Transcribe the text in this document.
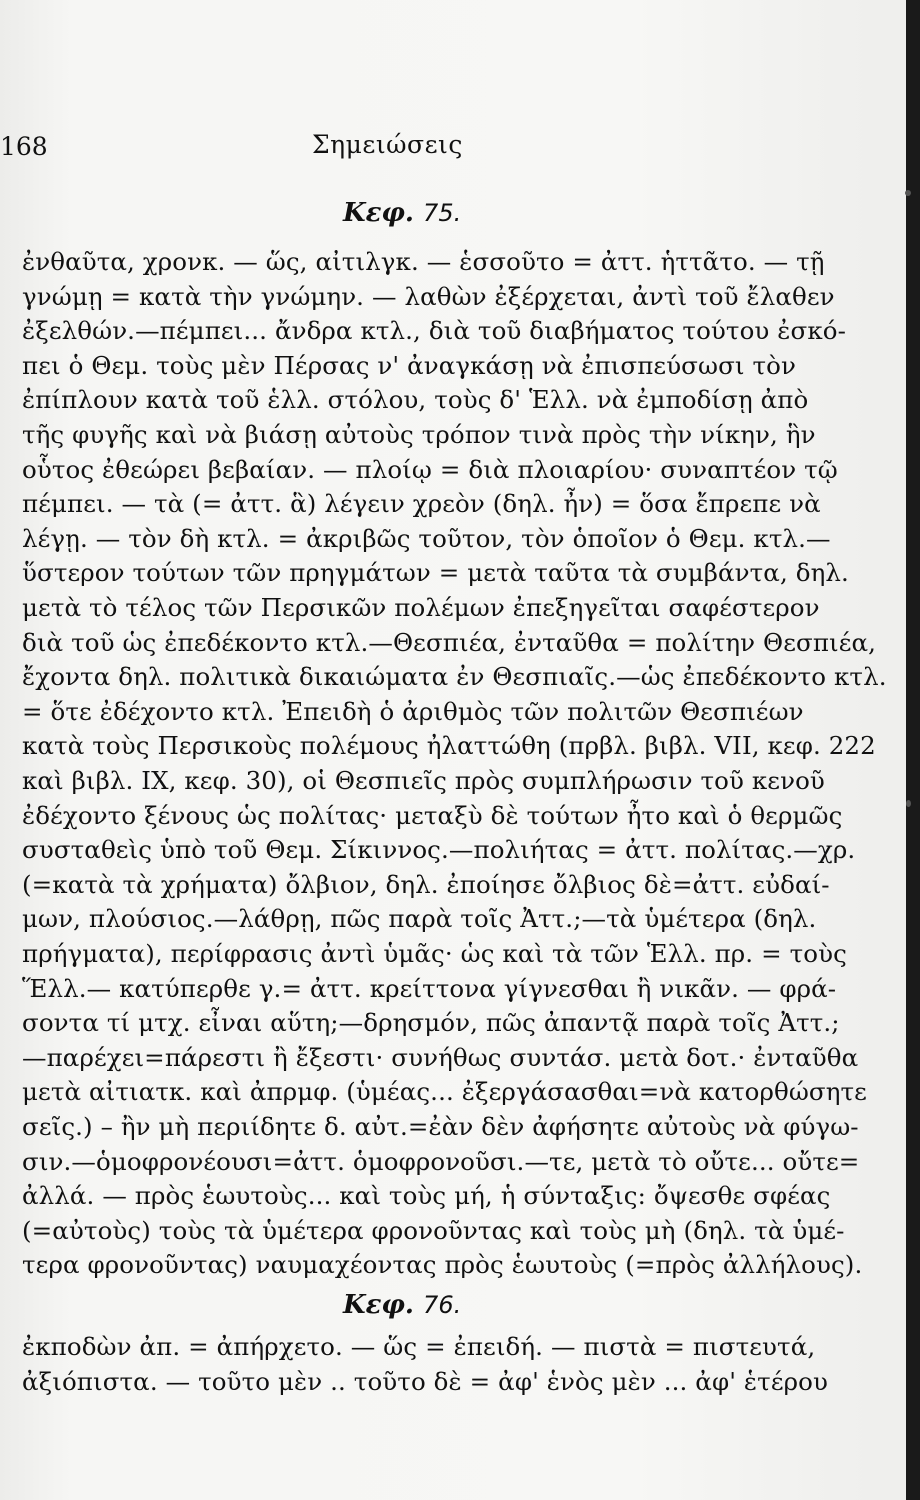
168	Σημειώσεις
Κεφ. 75.
ἐνθαῦτα, χρονκ. — ὥς, αἰτιλγκ. — ἑσσοῦτο = ἀττ. ἡττᾶτο. — τῇ
γνώμῃ = κατὰ τὴν γνώμην. — λαθὼν ἐξέρχεται, ἀντὶ τοῦ ἔλαθεν
ἐξελθών.—πέμπει... ἄνδρα κτλ., διὰ τοῦ διαβήματος τούτου ἐσκό-
πει ὁ Θεμ. τοὺς μὲν Πέρσας ν' ἀναγκάσῃ νὰ ἐπισπεύσωσι τὸν
ἐπίπλουν κατὰ τοῦ ἑλλ. στόλου, τοὺς δ' Ἑλλ. νὰ ἐμποδίσῃ ἀπὸ
τῆς φυγῆς καὶ νὰ βιάσῃ αὐτοὺς τρόπον τινὰ πρὸς τὴν νίκην, ἣν
οὗτος ἐθεώρει βεβαίαν. — πλοίῳ = διὰ πλοιαρίου· συναπτέον τῷ
πέμπει. — τὰ (= ἀττ. ἃ) λέγειν χρεὸν (δηλ. ἦν) = ὅσα ἔπρεπε νὰ
λέγῃ. — τὸν δὴ κτλ. = ἀκριβῶς τοῦτον, τὸν ὁποῖον ὁ Θεμ. κτλ.—
ὕστερον τούτων τῶν πρηγμάτων = μετὰ ταῦτα τὰ συμβάντα, δηλ.
μετὰ τὸ τέλος τῶν Περσικῶν πολέμων ἐπεξηγεῖται σαφέστερον
διὰ τοῦ ὡς ἐπεδέκοντο κτλ.—Θεσπιέα, ἐνταῦθα = πολίτην Θεσπιέα,
ἔχοντα δηλ. πολιτικὰ δικαιώματα ἐν Θεσπιαῖς.—ὡς ἐπεδέκοντο κτλ.
= ὅτε ἐδέχοντο κτλ. Ἐπειδὴ ὁ ἀριθμὸς τῶν πολιτῶν Θεσπιέων
κατὰ τοὺς Περσικοὺς πολέμους ἠλαττώθη (πρβλ. βιβλ. VII, κεφ. 222
καὶ βιβλ. IX, κεφ. 30), οἱ Θεσπιεῖς πρὸς συμπλήρωσιν τοῦ κενοῦ
ἐδέχοντο ξένους ὡς πολίτας· μεταξὺ δὲ τούτων ἦτο καὶ ὁ θερμῶς
συσταθεὶς ὑπὸ τοῦ Θεμ. Σίκιννος.—πολιήτας = ἀττ. πολίτας.—χρ.
(=κατὰ τὰ χρήματα) ὄλβιον, δηλ. ἐποίησε ὄλβιος δὲ=ἀττ. εὐδαί-
μων, πλούσιος.—λάθρῃ, πῶς παρὰ τοῖς Ἀττ.;—τὰ ὑμέτερα (δηλ.
πρήγματα), περίφρασις ἀντὶ ὑμᾶς· ὡς καὶ τὰ τῶν Ἑλλ. πρ. = τοὺς
Ἕλλ.— κατύπερθε γ.= ἀττ. κρείττονα γίγνεσθαι ἢ νικᾶν. — φρά-
σοντα τί μτχ. εἶναι αὕτη;—δρησμόν, πῶς ἀπαντᾷ παρὰ τοῖς Ἀττ.;
—παρέχει=πάρεστι ἢ ἔξεστι· συνήθως συντάσ. μετὰ δοτ.· ἐνταῦθα
μετὰ αἰτιατκ. καὶ ἀπρμφ. (ὑμέας... ἐξεργάσασθαι=νὰ κατορθώσητε
σεῖς.) – ἢν μὴ περιίδητε δ. αὐτ.=ἐὰν δὲν ἀφήσητε αὐτοὺς νὰ φύγω-
σιν.—ὁμοφρονέουσι=ἀττ. ὁμοφρονοῦσι.—τε, μετὰ τὸ οὔτε... οὔτε=
ἀλλά. — πρὸς ἑωυτοὺς... καὶ τοὺς μή, ἡ σύνταξις: ὄψεσθε σφέας
(=αὐτοὺς) τοὺς τὰ ὑμέτερα φρονοῦντας καὶ τοὺς μὴ (δηλ. τὰ ὑμέ-
τερα φρονοῦντας) ναυμαχέοντας πρὸς ἑωυτοὺς (=πρὸς ἀλλήλους).
Κεφ. 76.
ἐκποδὼν ἀπ. = ἀπήρχετο. — ὥς = ἐπειδή. — πιστὰ = πιστευτά,
ἀξιόπιστα. — τοῦτο μὲν .. τοῦτο δὲ = ἀφ' ἑνὸς μὲν ... ἀφ' ἑτέρου
